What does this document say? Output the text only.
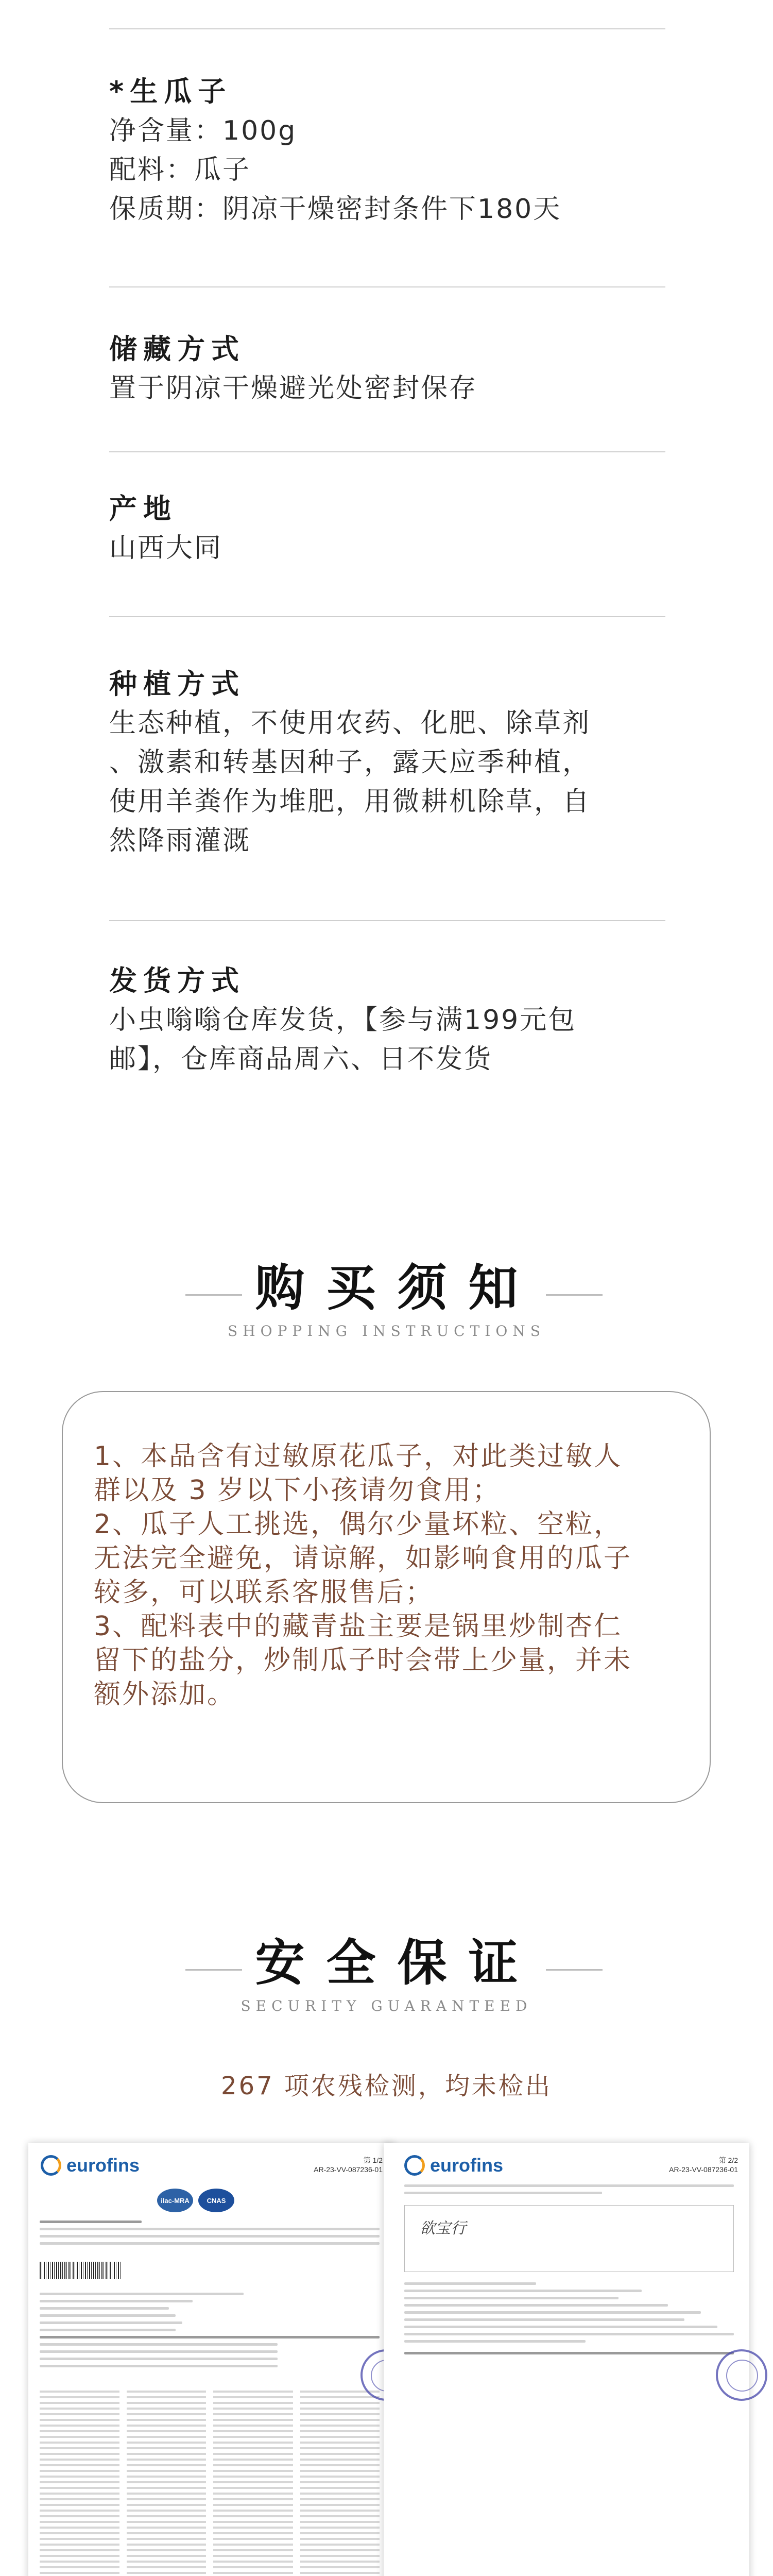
*生瓜子
净含量：100g
配料：瓜子
保质期：阴凉干燥密封条件下180天
储藏方式
置于阴凉干燥避光处密封保存
产地
山西大同
种植方式
生态种植，不使用农药、化肥、除草剂
、激素和转基因种子，露天应季种植，
使用羊粪作为堆肥，用微耕机除草，自
然降雨灌溉
发货方式
小虫嗡嗡仓库发货，【参与满199元包
邮】，仓库商品周六、日不发货
购买须知
SHOPPING INSTRUCTIONS
1、本品含有过敏原花瓜子，对此类过敏人
群以及 3 岁以下小孩请勿食用；
2、瓜子人工挑选，偶尔少量坏粒、空粒，
无法完全避免，请谅解，如影响食用的瓜子
较多，可以联系客服售后；
3、配料表中的藏青盐主要是锅里炒制杏仁
留下的盐分，炒制瓜子时会带上少量，并未
额外添加。
安全保证
SECURITY GUARANTEED
267 项农残检测，均未检出
eurofins	第 1/2
AR-23-VV-087236-01
ilac-MRA	CNAS
eurofins	第 2/2
AR-23-VV-087236-01
欲宝行
